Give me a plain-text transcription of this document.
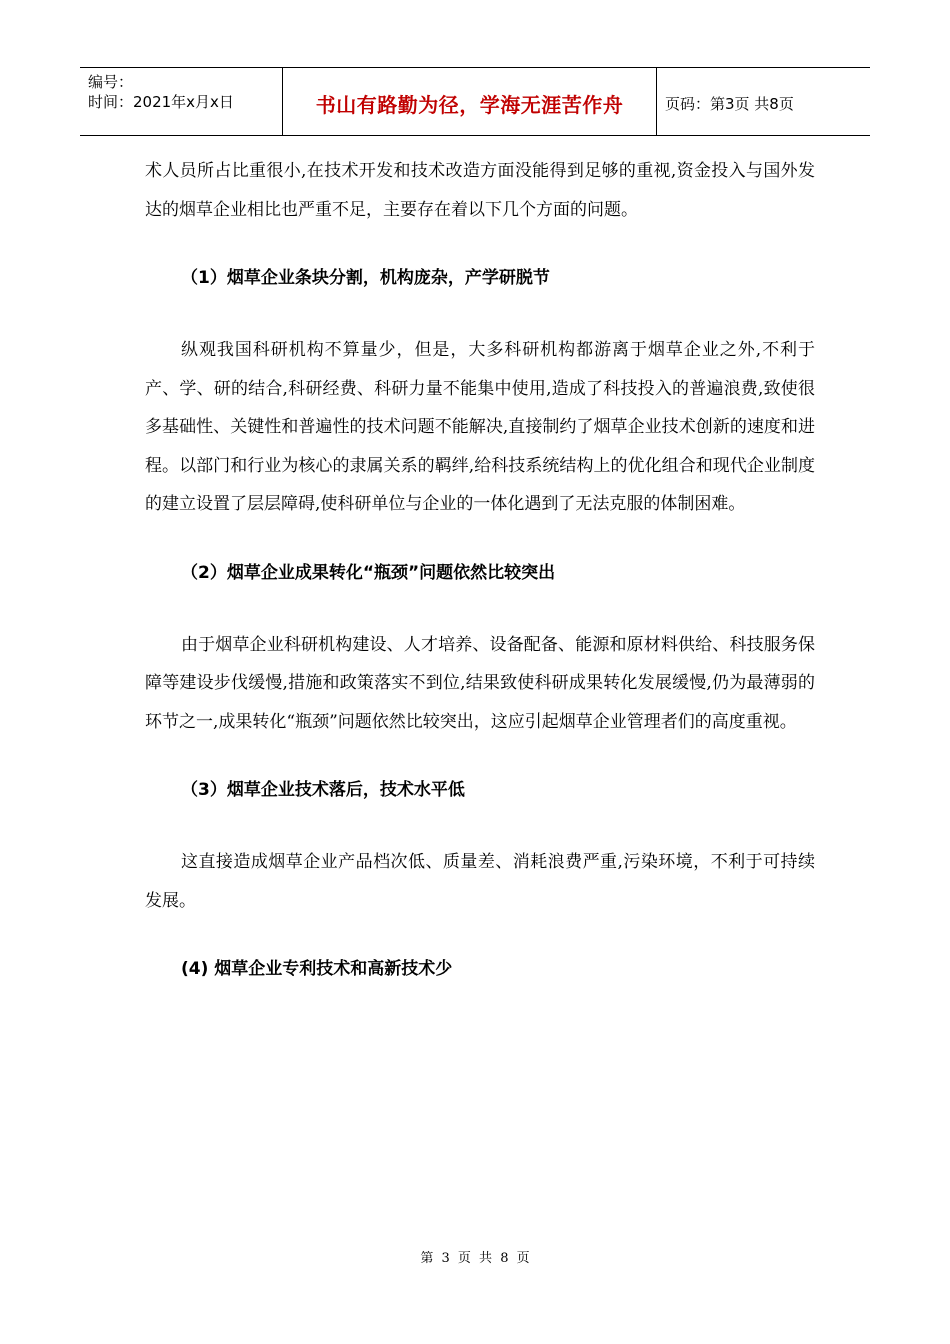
编号：
时间：2021年x月x日	书山有路勤为径，学海无涯苦作舟	页码：第3页 共8页

术人员所占比重很小,在技术开发和技术改造方面没能得到足够的重视,资金投入与国外发达的烟草企业相比也严重不足，主要存在着以下几个方面的问题。

（1）烟草企业条块分割，机构庞杂，产学研脱节

纵观我国科研机构不算量少，但是，大多科研机构都游离于烟草企业之外,不利于产、学、研的结合,科研经费、科研力量不能集中使用,造成了科技投入的普遍浪费,致使很多基础性、关键性和普遍性的技术问题不能解决,直接制约了烟草企业技术创新的速度和进程。以部门和行业为核心的隶属关系的羁绊,给科技系统结构上的优化组合和现代企业制度的建立设置了层层障碍,使科研单位与企业的一体化遇到了无法克服的体制困难。

（2）烟草企业成果转化“瓶颈”问题依然比较突出

由于烟草企业科研机构建设、人才培养、设备配备、能源和原材料供给、科技服务保障等建设步伐缓慢,措施和政策落实不到位,结果致使科研成果转化发展缓慢,仍为最薄弱的环节之一,成果转化“瓶颈”问题依然比较突出，这应引起烟草企业管理者们的高度重视。

（3）烟草企业技术落后，技术水平低

这直接造成烟草企业产品档次低、质量差、消耗浪费严重,污染环境，不利于可持续发展。

(4) 烟草企业专利技术和高新技术少

第 3 页 共 8 页
